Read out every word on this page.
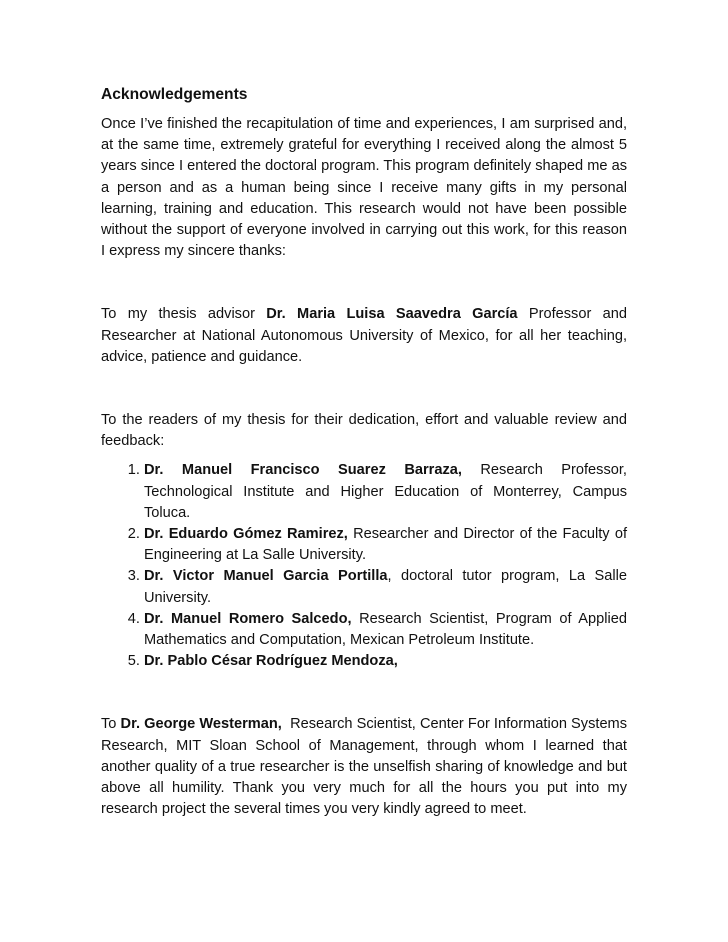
Acknowledgements

Once I’ve finished the recapitulation of time and experiences, I am surprised and, at the same time, extremely grateful for everything I received along the almost 5 years since I entered the doctoral program. This program definitely shaped me as a person and as a human being since I receive many gifts in my personal learning, training and education. This research would not have been possible without the support of everyone involved in carrying out this work, for this reason I express my sincere thanks:

To my thesis advisor Dr. Maria Luisa Saavedra García Professor and Researcher at National Autonomous University of Mexico, for all her teaching, advice, patience and guidance.

To the readers of my thesis for their dedication, effort and valuable review and feedback:

1. Dr. Manuel Francisco Suarez Barraza, Research Professor, Technological Institute and Higher Education of Monterrey, Campus Toluca.
2. Dr. Eduardo Gómez Ramirez, Researcher and Director of the Faculty of Engineering at La Salle University.
3. Dr. Victor Manuel Garcia Portilla, doctoral tutor program, La Salle University.
4. Dr. Manuel Romero Salcedo, Research Scientist, Program of Applied Mathematics and Computation, Mexican Petroleum Institute.
5. Dr. Pablo César Rodríguez Mendoza,

To Dr. George Westerman,  Research Scientist, Center For Information Systems Research, MIT Sloan School of Management, through whom I learned that another quality of a true researcher is the unselfish sharing of knowledge and but above all humility. Thank you very much for all the hours you put into my research project the several times you very kindly agreed to meet.
